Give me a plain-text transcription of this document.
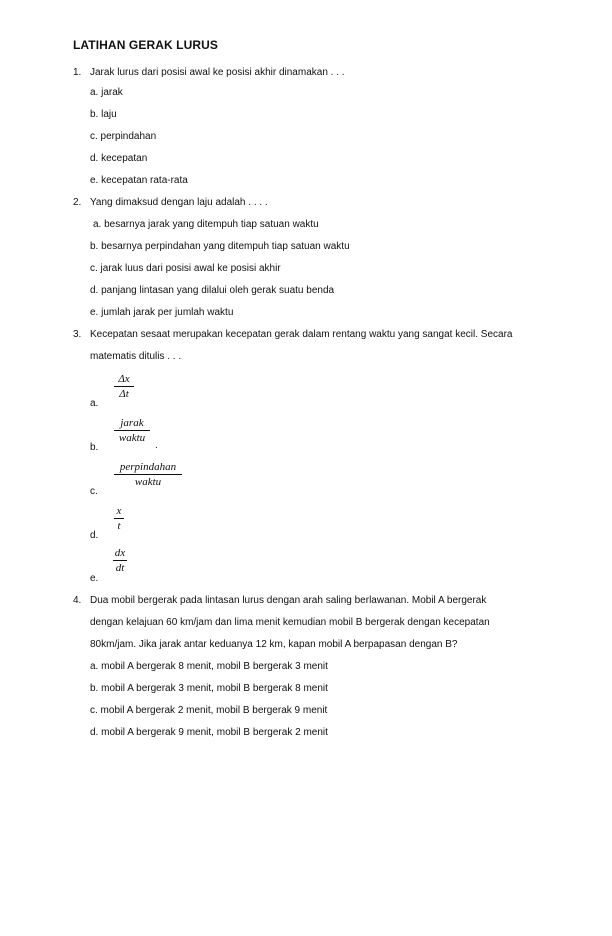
LATIHAN GERAK LURUS
1. Jarak lurus dari posisi awal ke posisi akhir dinamakan . . .
a. jarak
b. laju
c. perpindahan
d. kecepatan
e. kecepatan rata-rata
2. Yang dimaksud dengan laju adalah . . . .
a. besarnya jarak yang ditempuh tiap satuan waktu
b. besarnya perpindahan yang ditempuh tiap satuan waktu
c. jarak luus dari posisi awal ke posisi akhir
d. panjang lintasan yang dilalui oleh gerak suatu benda
e. jumlah jarak per jumlah waktu
3. Kecepatan sesaat merupakan kecepatan gerak dalam rentang waktu yang sangat kecil. Secara
matematis ditulis . . .
a.
Δx
Δt
b.
jarak
waktu
.
c.
perpindahan
waktu
d.
x
t
e.
dx
dt
4. Dua mobil bergerak pada lintasan lurus dengan arah saling berlawanan. Mobil A bergerak
dengan kelajuan 60 km/jam dan lima menit kemudian mobil B bergerak dengan kecepatan
80km/jam. Jika jarak antar keduanya 12 km, kapan mobil A berpapasan dengan B?
a. mobil A bergerak 8 menit, mobil B bergerak 3 menit
b. mobil A bergerak 3 menit, mobil B bergerak 8 menit
c. mobil A bergerak 2 menit, mobil B bergerak 9 menit
d. mobil A bergerak 9 menit, mobil B bergerak 2 menit
